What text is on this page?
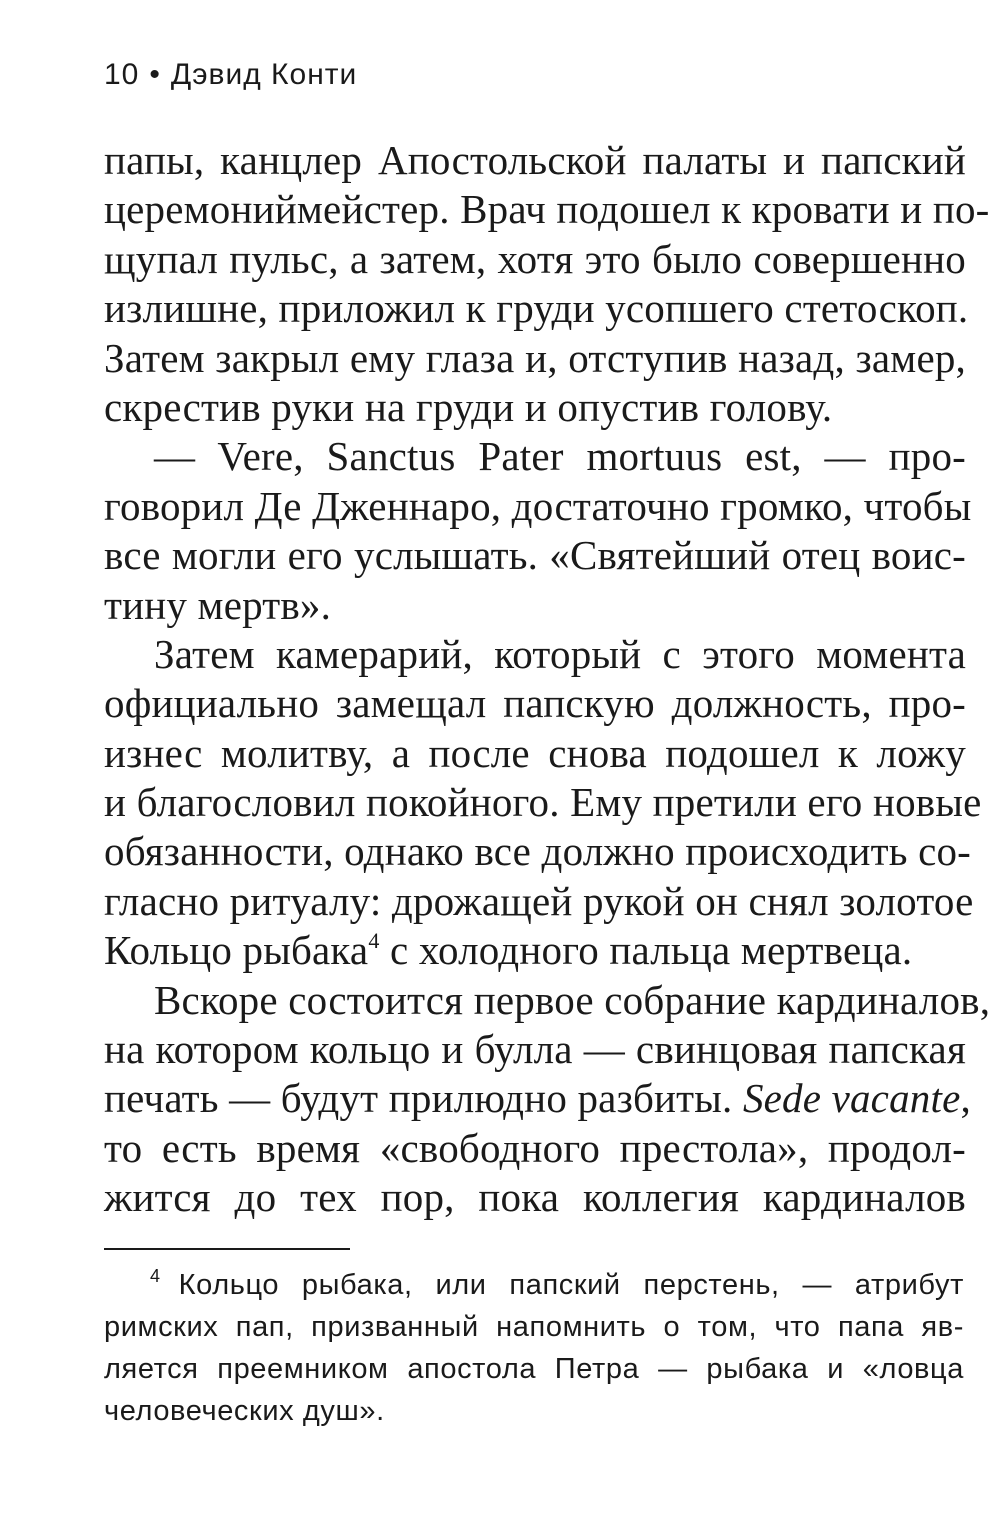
10 • Дэвид Конти
папы, канцлер Апостольской палаты и папский
церемониймейстер. Врач подошел к кровати и по-
щупал пульс, а затем, хотя это было совершенно
излишне, приложил к груди усопшего стетоскоп.
Затем закрыл ему глаза и, отступив назад, замер,
скрестив руки на груди и опустив голову.
— Vere, Sanctus Pater mortuus est, — про-
говорил Де Дженнаро, достаточно громко, чтобы
все могли его услышать. «Святейший отец воис-
тину мертв».
Затем камерарий, который с этого момента
официально замещал папскую должность, про-
изнес молитву, а после снова подошел к ложу
и благословил покойного. Ему претили его новые
обязанности, однако все должно происходить со-
гласно ритуалу: дрожащей рукой он снял золотое
Кольцо рыбака$^4$ с холодного пальца мертвеца.
Вскоре состоится первое собрание кардиналов,
на котором кольцо и булла — свинцовая папская
печать — будут прилюдно разбиты. Sede vacante,
то есть время «свободного престола», продол-
жится до тех пор, пока коллегия кардиналов
$^4$ Кольцо рыбака, или папский перстень, — атрибут
римских пап, призванный напомнить о том, что папа яв-
ляется преемником апостола Петра — рыбака и «ловца
человеческих душ».
